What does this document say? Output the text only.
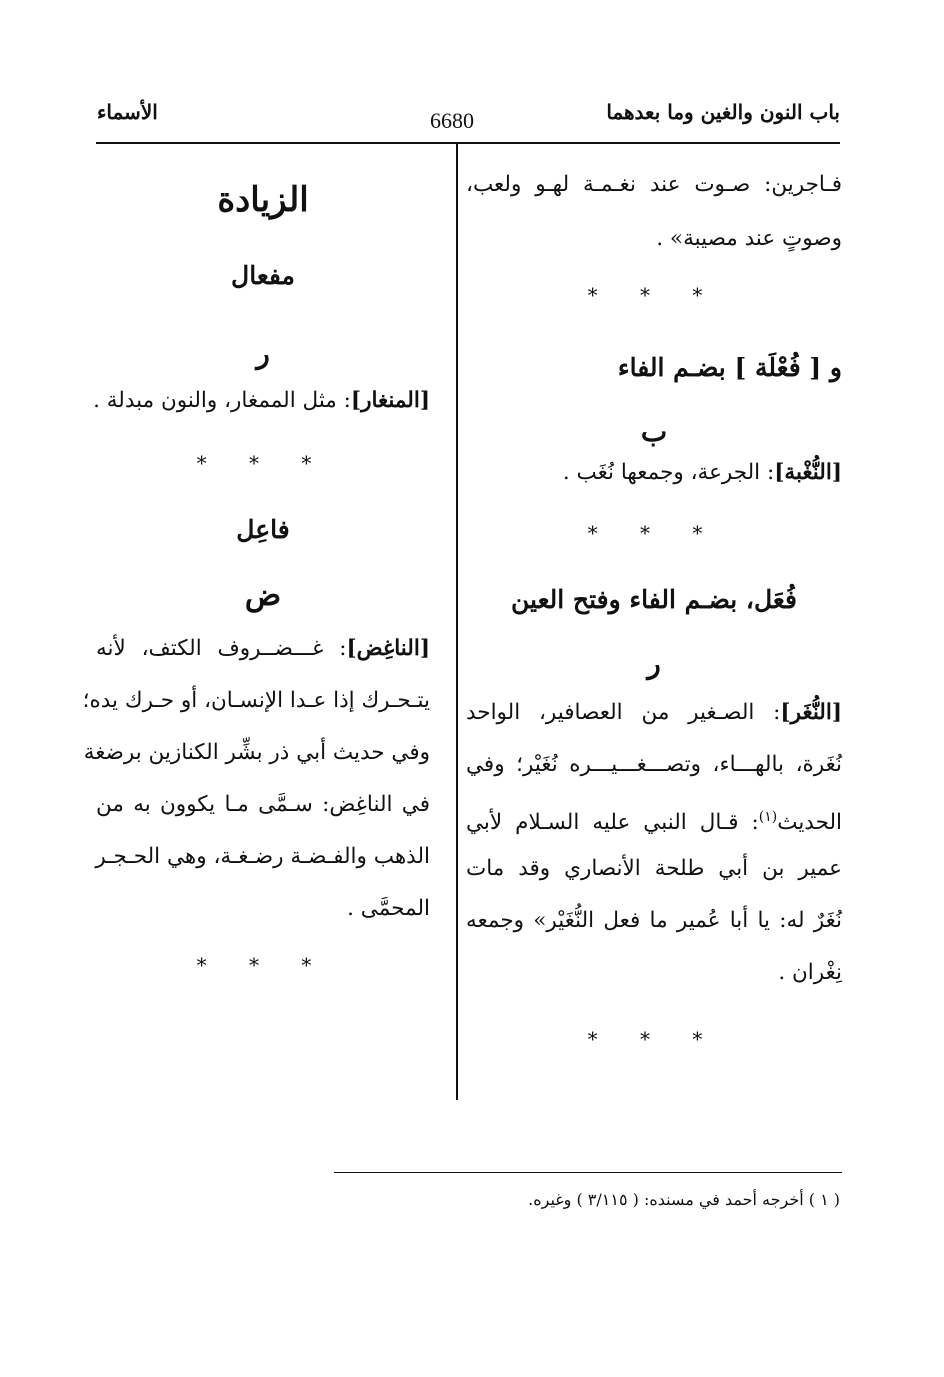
باب النون والغين وما بعدهما
6680
الأسماء
فـاجرين: صـوت عند نغـمـة لهـو ولعب،
وصوتٍ عند مصيبة» .
* * *
و [ فُعْلَة ] بضـم الفاء
ب
[النُّغْبة]: الجرعة، وجمعها نُغَب .
* * *
فُعَل، بضـم الفاء وفتح العين
ر
[النُّغَر]: الصـغير من العصافير، الواحد
نُغَرة، بالهـــاء، وتصـــغـــيـــره نُغَيْر؛ وفي
الحديث$^{(١)}$: قـال النبي عليه السـلام لأبي
عمير بن أبي طلحة الأنصاري وقد مات
نُغَرٌ له: يا أبا عُمير ما فعل النُّغَيْر» وجمعه
نِغْران .
* * *
الزيادة
مفعال
ر
[المنغار]: مثل الممغار، والنون مبدلة .
* * *
فاعِل
ض
[الناغِض]: غـــضــروف الكتف، لأنه
يتـحـرك إذا عـدا الإنسـان، أو حـرك يده؛
وفي حديث أبي ذر بشِّر الكنازين برضغة
في الناغِض: سـمَّى مـا يكوون به من
الذهب والفـضـة رضـغـة، وهي الحـجـر
المحمَّى .
* * *
( ١ ) أخرجه أحمد في مسنده: ( ٣/١١٥ ) وغيره.
